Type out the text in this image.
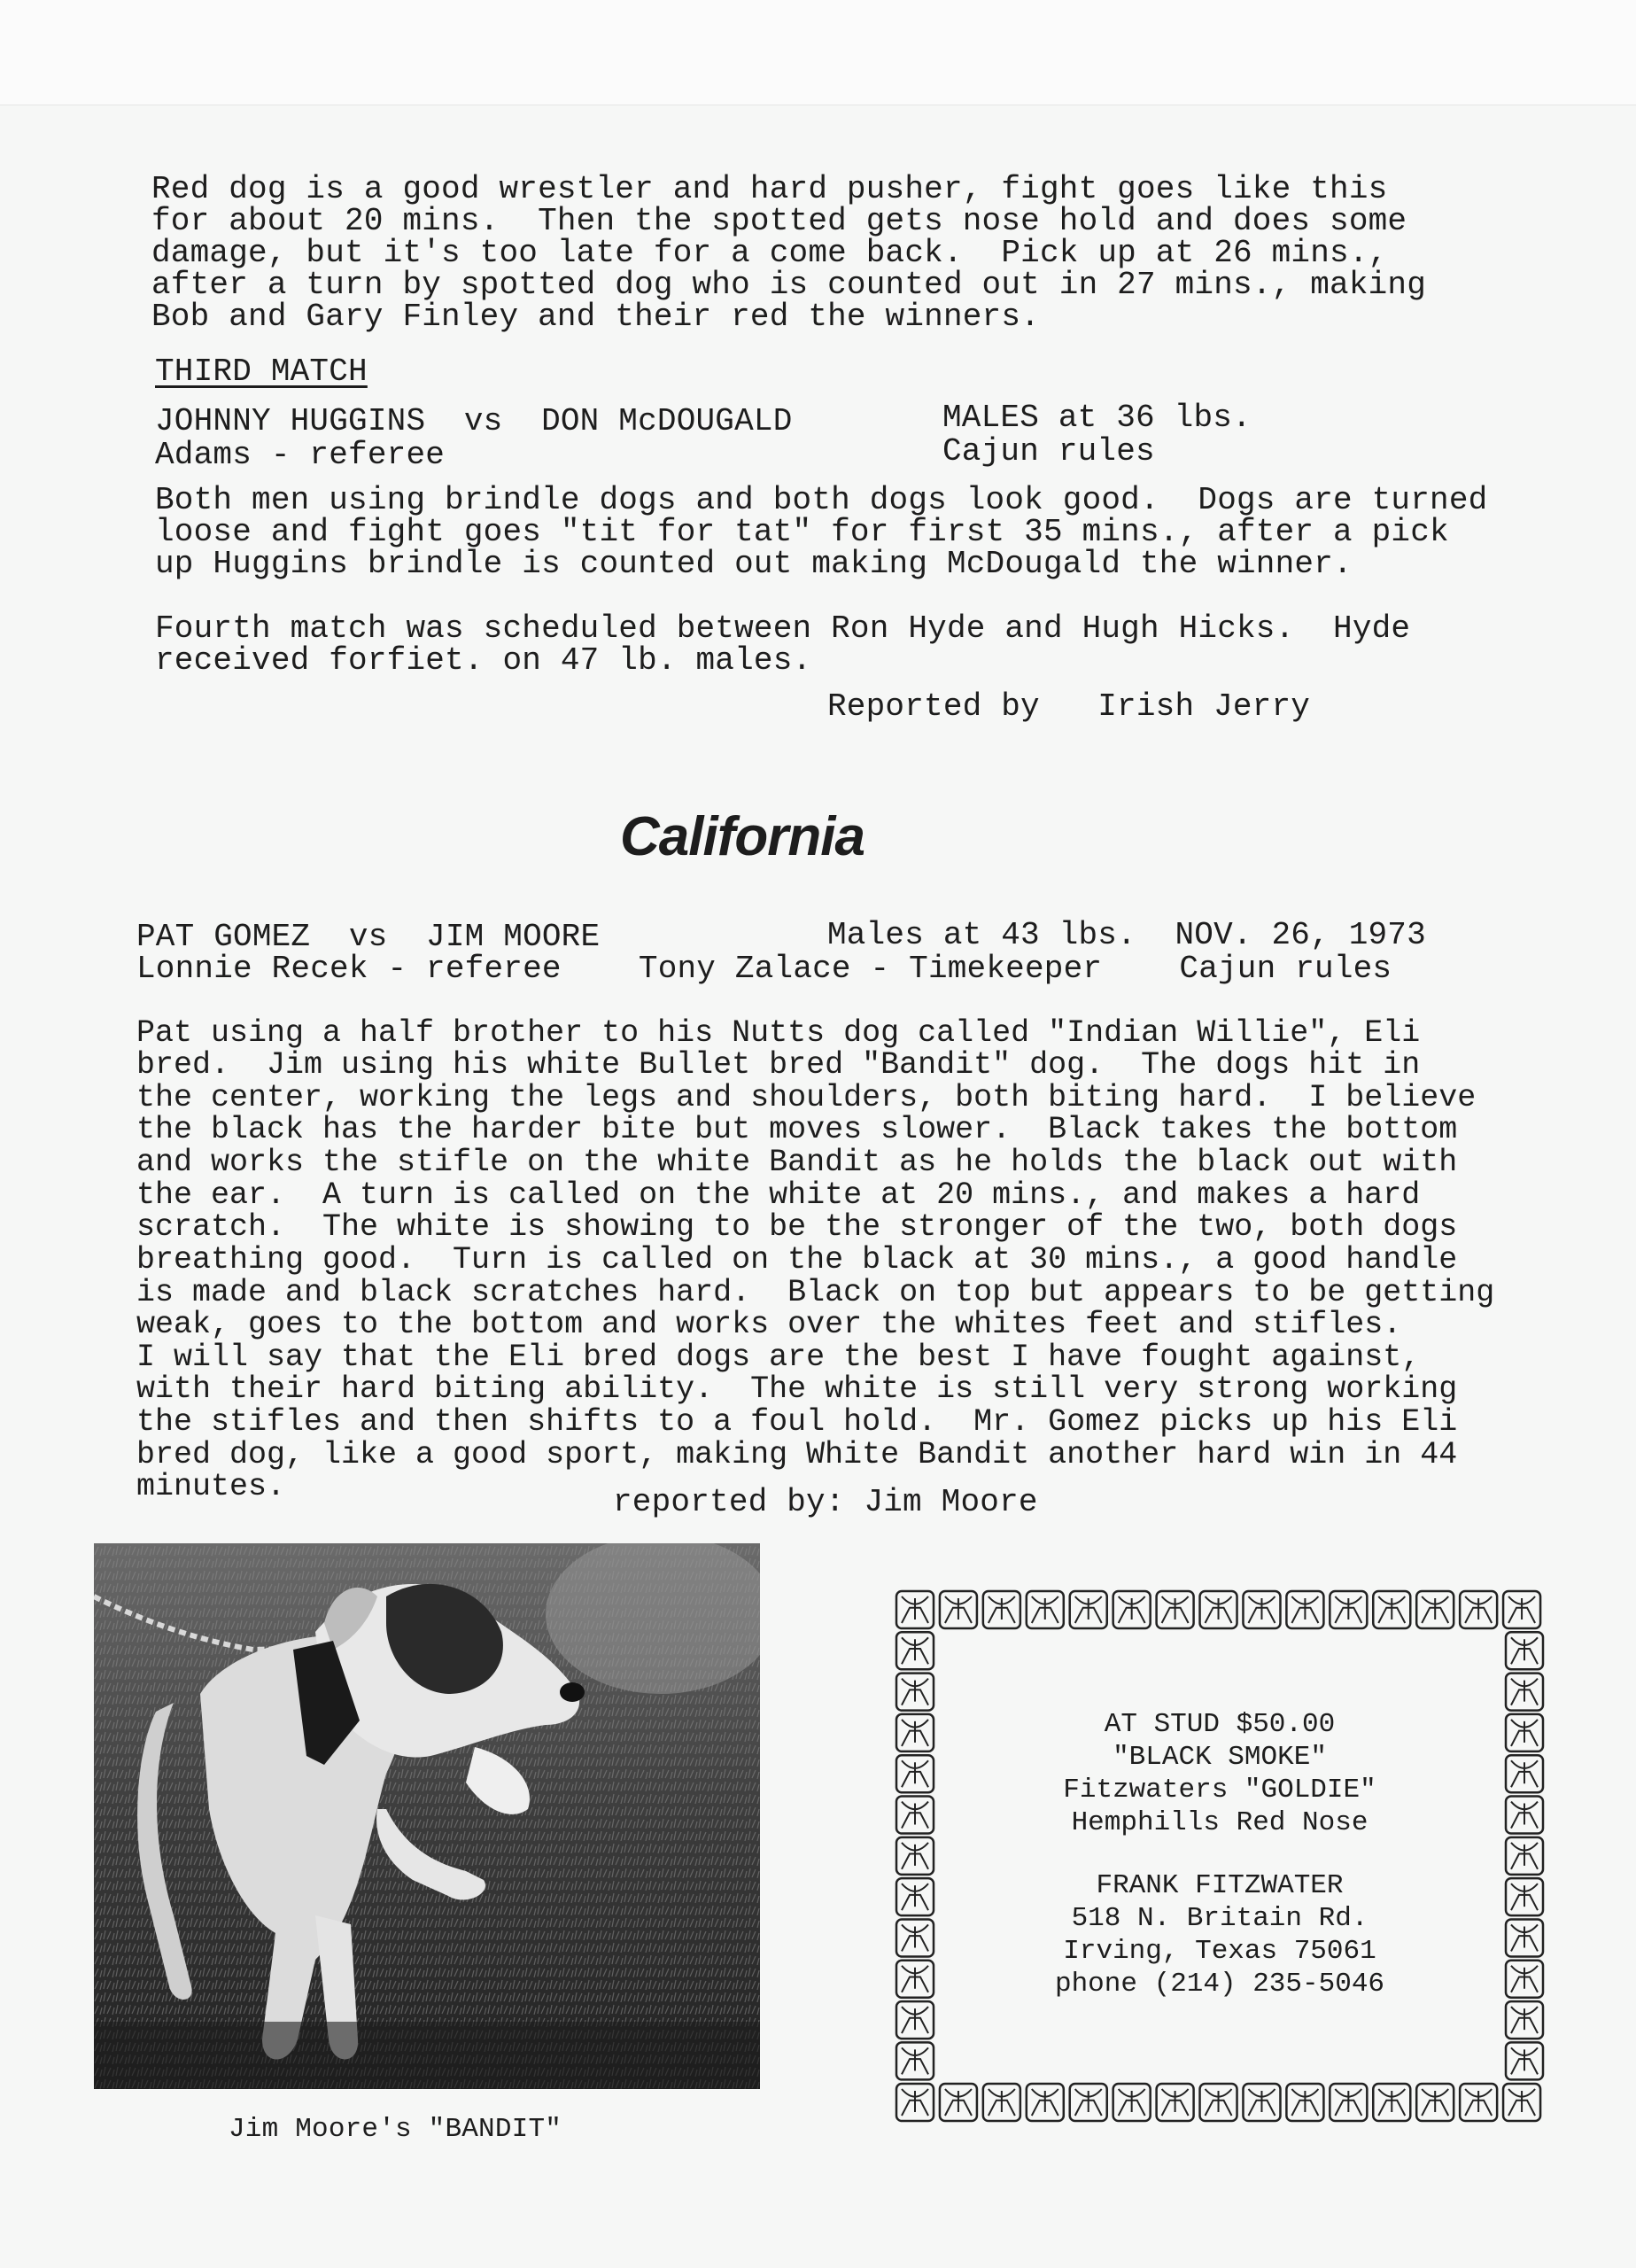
Red dog is a good wrestler and hard pusher, fight goes like this
for about 20 mins.  Then the spotted gets nose hold and does some
damage, but it's too late for a come back.  Pick up at 26 mins.,
after a turn by spotted dog who is counted out in 27 mins., making
Bob and Gary Finley and their red the winners.
THIRD MATCH
JOHNNY HUGGINS  vs  DON McDOUGALD	MALES at 36 lbs.
Adams - referee	Cajun rules
Both men using brindle dogs and both dogs look good.  Dogs are turned
loose and fight goes "tit for tat" for first 35 mins., after a pick
up Huggins brindle is counted out making McDougald the winner.
Fourth match was scheduled between Ron Hyde and Hugh Hicks.  Hyde
received forfiet. on 47 lb. males.
Reported by   Irish Jerry
California
PAT GOMEZ  vs  JIM MOORE	Males at 43 lbs.  NOV. 26, 1973
Lonnie Recek - referee    Tony Zalace - Timekeeper    Cajun rules
Pat using a half brother to his Nutts dog called "Indian Willie", Eli
bred.  Jim using his white Bullet bred "Bandit" dog.  The dogs hit in
the center, working the legs and shoulders, both biting hard.  I believe
the black has the harder bite but moves slower.  Black takes the bottom
and works the stifle on the white Bandit as he holds the black out with
the ear.  A turn is called on the white at 20 mins., and makes a hard
scratch.  The white is showing to be the stronger of the two, both dogs
breathing good.  Turn is called on the black at 30 mins., a good handle
is made and black scratches hard.  Black on top but appears to be getting
weak, goes to the bottom and works over the whites feet and stifles.
I will say that the Eli bred dogs are the best I have fought against,
with their hard biting ability.  The white is still very strong working
the stifles and then shifts to a foul hold.  Mr. Gomez picks up his Eli
bred dog, like a good sport, making White Bandit another hard win in 44
minutes.	reported by: Jim Moore
Jim Moore's "BANDIT"
AT STUD $50.00
"BLACK SMOKE"
Fitzwaters "GOLDIE"
Hemphills Red Nose
FRANK FITZWATER
518 N. Britain Rd.
Irving, Texas 75061
phone (214) 235-5046
